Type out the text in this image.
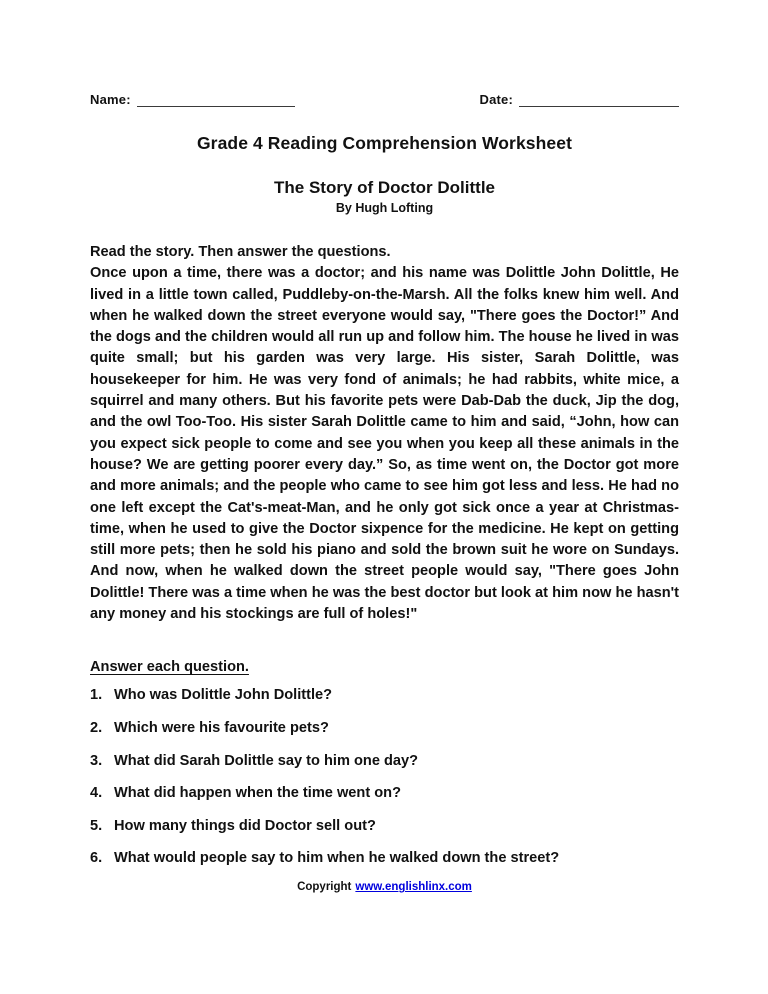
Name:	Date:
Grade 4 Reading Comprehension Worksheet
The Story of Doctor Dolittle
By Hugh Lofting
Read the story. Then answer the questions.
Once upon a time, there was a doctor; and his name was Dolittle John Dolittle, He lived in a little town called, Puddleby-on-the-Marsh. All the folks knew him well. And when he walked down the street everyone would say, "There goes the Doctor!” And the dogs and the children would all run up and follow him. The house he lived in was quite small; but his garden was very large. His sister, Sarah Dolittle, was housekeeper for him. He was very fond of animals; he had rabbits, white mice, a squirrel and many others. But his favorite pets were Dab-Dab the duck, Jip the dog, and the owl Too-Too. His sister Sarah Dolittle came to him and said, “John, how can you expect sick people to come and see you when you keep all these animals in the house? We are getting poorer every day.” So, as time went on, the Doctor got more and more animals; and the people who came to see him got less and less. He had no one left except the Cat's-meat-Man, and he only got sick once a year at Christmas-time, when he used to give the Doctor sixpence for the medicine. He kept on getting still more pets; then he sold his piano and sold the brown suit he wore on Sundays. And now, when he walked down the street people would say, "There goes John Dolittle! There was a time when he was the best doctor but look at him now he hasn't any money and his stockings are full of holes!"
Answer each question.
1. Who was Dolittle John Dolittle?
2. Which were his favourite pets?
3. What did Sarah Dolittle say to him one day?
4. What did happen when the time went on?
5. How many things did Doctor sell out?
6. What would people say to him when he walked down the street?
Copyright www.englishlinx.com
